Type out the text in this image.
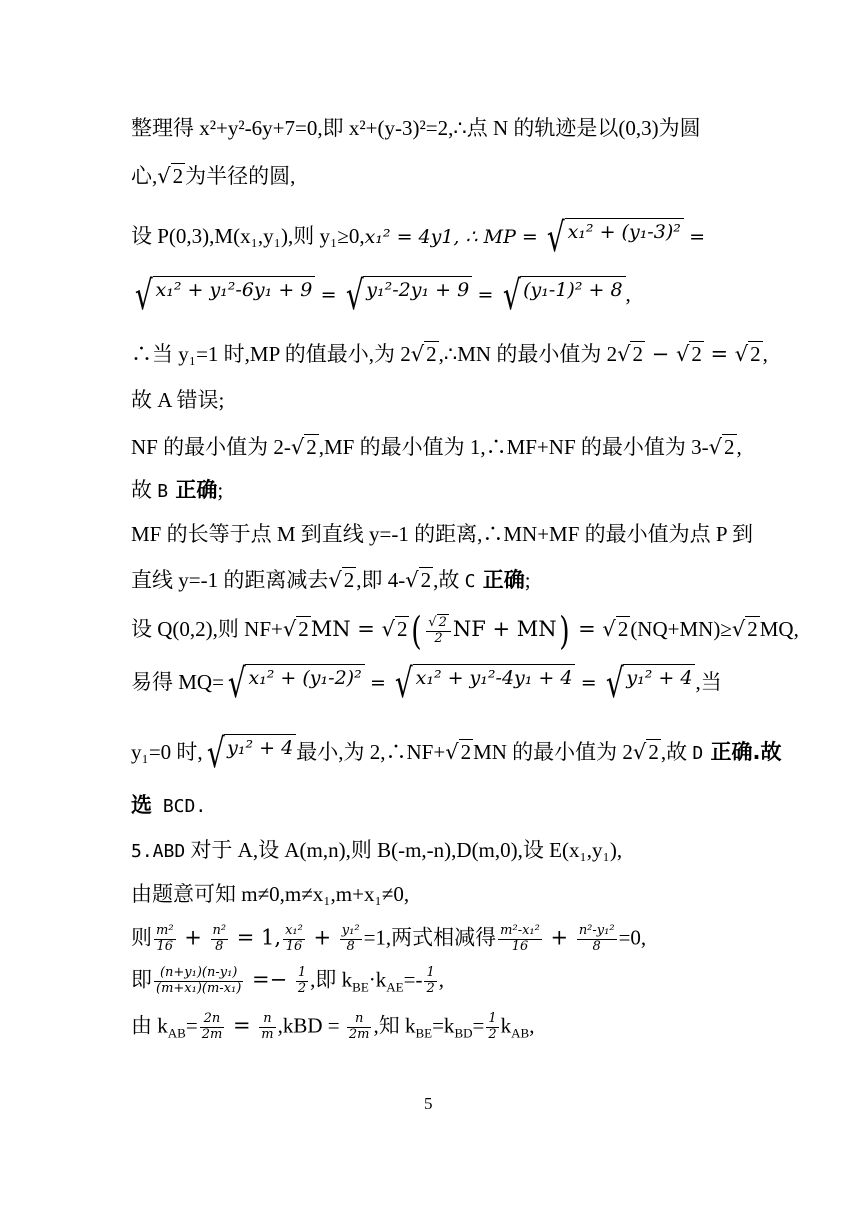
整理得 x²+y²-6y+7=0,即 x²+(y-3)²=2,∴点 N 的轨迹是以(0,3)为圆
心,√2为半径的圆,
设 P(0,3),M(x₁,y₁),则 y₁≥0,x₁² = 4y1, ∴ MP = √ x₁² + (y₁-3)² =
√ x₁² + y₁²-6y₁ + 9 = √ y₁²-2y₁ + 9 = √ (y₁-1)² + 8 ,
∴当 y₁=1 时,MP 的值最小,为 2√2,∴MN 的最小值为 2√2 − √2 = √2,
故 A 错误;
NF 的最小值为 2-√2,MF 的最小值为 1,∴MF+NF 的最小值为 3-√2,
故 B 正确;
MF 的长等于点 M 到直线 y=-1 的距离,∴MN+MF 的最小值为点 P 到
直线 y=-1 的距离减去√2,即 4-√2,故 C 正确;
设 Q(0,2),则 NF+√2MN = √2 ( $\frac{√ 2}{2}$ NF + MN) = √2(NQ+MN)≥√2MQ,
易得 MQ= √ x₁² + (y₁-2)² = √ x₁² + y₁²-4y₁ + 4 = √ y₁² + 4 ,当
y₁=0 时, √ y₁² + 4 最小,为 2,∴NF+√2MN 的最小值为 2√2,故 D 正确.故
选 BCD.
5.ABD 对于 A,设 A(m,n),则 B(-m,-n),D(m,0),设 E(x₁,y₁),
由题意可知 m≠0,m≠x₁,m+x₁≠0,
则 $\frac{\text{m²}}{16} + \frac{\text{n²}}{8} = 1$, $\frac{\text{x₁²}}{16} + \frac{\text{y₁²}}{8} =1$,两式相减得 $\frac{\text{m²-x₁²}}{16} + \frac{\text{n²-y₁²}}{8} =0$,
即 $\frac{\text{(n+y₁)(n-y₁)}}{\text{(m+x₁)(m-x₁)}} =- \frac{1}{2}$ ,即 $k_{BE}\cdot k_{AE}=- \frac{1}{2}$ ,
由 $k_{AB}= \frac{2n}{2m} = \frac{n}{m} ,kBD = \frac{n}{2m}$ ,知 $k_{BE}=k_{BD}= \frac{1}{2} k_{AB}$,
5
